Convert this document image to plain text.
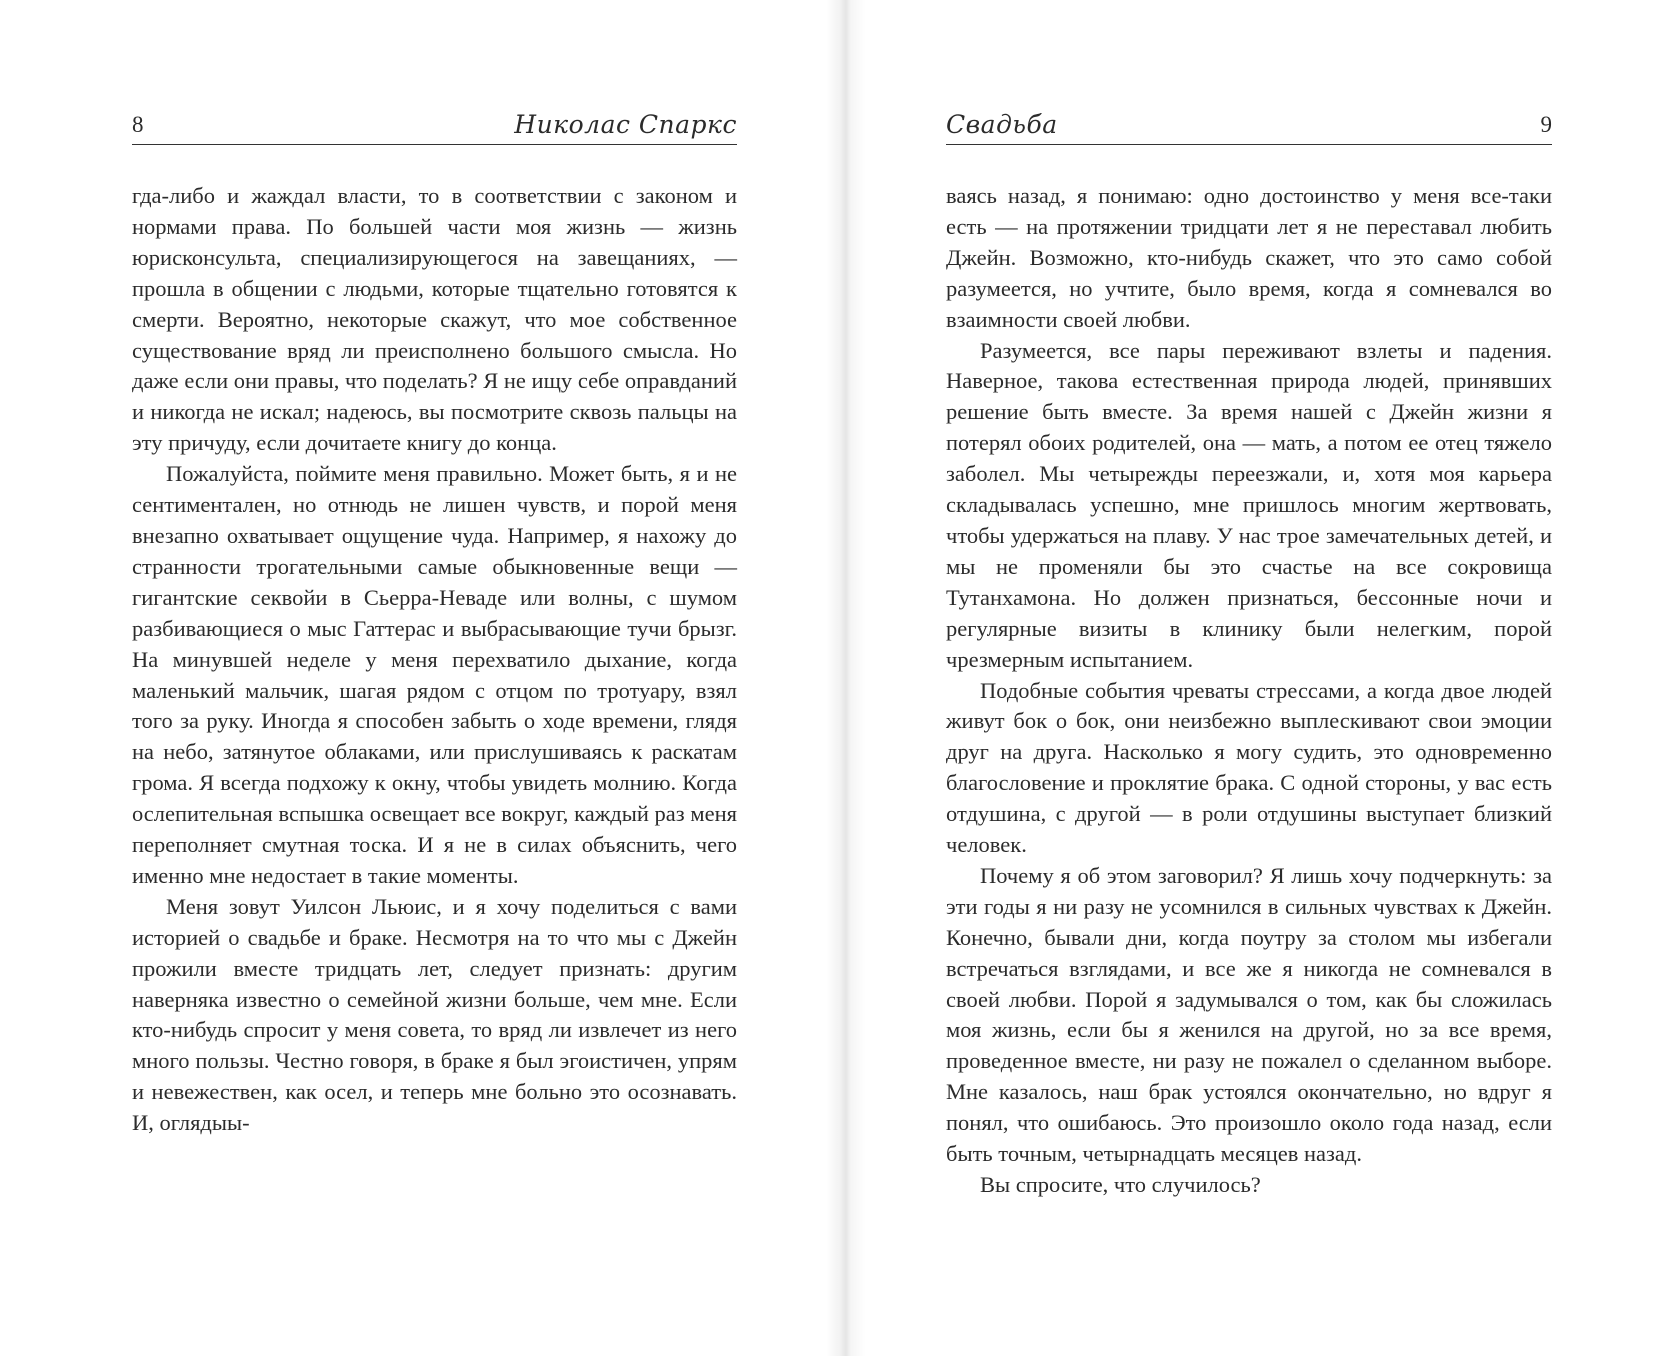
8	Николас Спаркс

гда-либо и жаждал власти, то в соответствии с законом и нормами права. По большей части моя жизнь — жизнь юрисконсульта, специализирующегося на завещаниях, — прошла в общении с людьми, которые тщательно готовятся к смерти. Вероятно, некоторые скажут, что мое собственное существование вряд ли преисполнено большого смысла. Но даже если они правы, что поделать? Я не ищу себе оправданий и никогда не искал; надеюсь, вы посмотрите сквозь пальцы на эту причуду, если дочитаете книгу до конца.

Пожалуйста, поймите меня правильно. Может быть, я и не сентиментален, но отнюдь не лишен чувств, и порой меня внезапно охватывает ощущение чуда. Например, я нахожу до странности трогательными самые обыкновенные вещи — гигантские секвойи в Сьерра-Неваде или волны, с шумом разбивающиеся о мыс Гаттерас и выбрасывающие тучи брызг. На минувшей неделе у меня перехватило дыхание, когда маленький мальчик, шагая рядом с отцом по тротуару, взял того за руку. Иногда я способен забыть о ходе времени, глядя на небо, затянутое облаками, или прислушиваясь к раскатам грома. Я всегда подхожу к окну, чтобы увидеть молнию. Когда ослепительная вспышка освещает все вокруг, каждый раз меня переполняет смутная тоска. И я не в силах объяснить, чего именно мне недостает в такие моменты.

Меня зовут Уилсон Льюис, и я хочу поделиться с вами историей о свадьбе и браке. Несмотря на то что мы с Джейн прожили вместе тридцать лет, следует признать: другим наверняка известно о семейной жизни больше, чем мне. Если кто-нибудь спросит у меня совета, то вряд ли извлечет из него много пользы. Честно говоря, в браке я был эгоистичен, упрям и невежествен, как осел, и теперь мне больно это осознавать. И, оглядыы-

Свадьба	9

ваясь назад, я понимаю: одно достоинство у меня все-таки есть — на протяжении тридцати лет я не переставал любить Джейн. Возможно, кто-нибудь скажет, что это само собой разумеется, но учтите, было время, когда я сомневался во взаимности своей любви.

Разумеется, все пары переживают взлеты и падения. Наверное, такова естественная природа людей, принявших решение быть вместе. За время нашей с Джейн жизни я потерял обоих родителей, она — мать, а потом ее отец тяжело заболел. Мы четырежды переезжали, и, хотя моя карьера складывалась успешно, мне пришлось многим жертвовать, чтобы удержаться на плаву. У нас трое замечательных детей, и мы не променяли бы это счастье на все сокровища Тутанхамона. Но должен признаться, бессонные ночи и регулярные визиты в клинику были нелегким, порой чрезмерным испытанием.

Подобные события чреваты стрессами, а когда двое людей живут бок о бок, они неизбежно выплескивают свои эмоции друг на друга. Насколько я могу судить, это одновременно благословение и проклятие брака. С одной стороны, у вас есть отдушина, с другой — в роли отдушины выступает близкий человек.

Почему я об этом заговорил? Я лишь хочу подчеркнуть: за эти годы я ни разу не усомнился в сильных чувствах к Джейн. Конечно, бывали дни, когда поутру за столом мы избегали встречаться взглядами, и все же я никогда не сомневался в своей любви. Порой я задумывался о том, как бы сложилась моя жизнь, если бы я женился на другой, но за все время, проведенное вместе, ни разу не пожалел о сделанном выборе. Мне казалось, наш брак устоялся окончательно, но вдруг я понял, что ошибаюсь. Это произошло около года назад, если быть точным, четырнадцать месяцев назад.

Вы спросите, что случилось?
